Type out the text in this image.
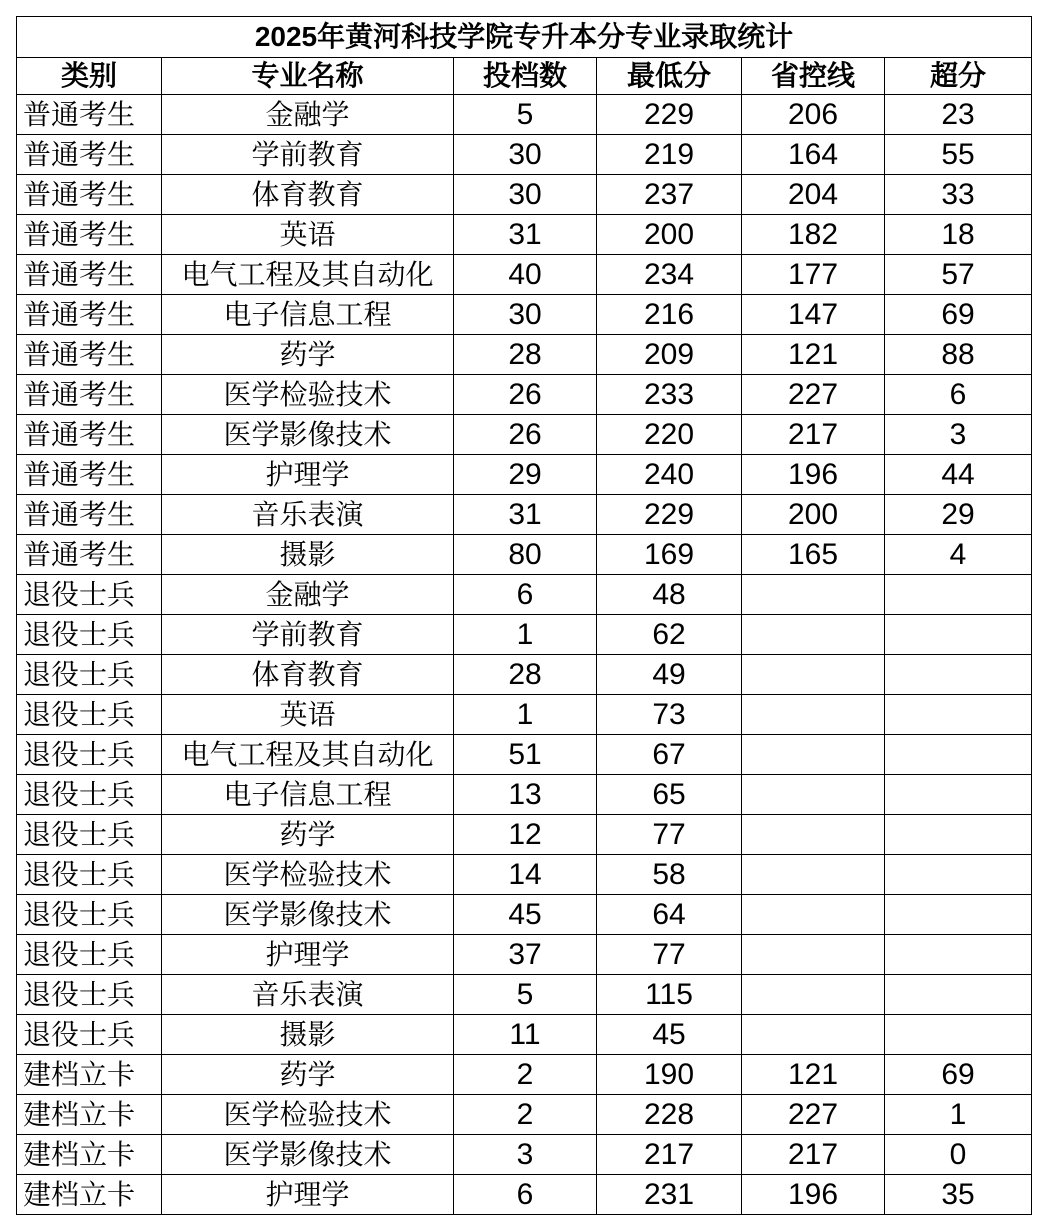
2025年黄河科技学院专升本分专业录取统计					
类别	专业名称	投档数	最低分	省控线	超分
普通考生	金融学	5	229	206	23
普通考生	学前教育	30	219	164	55
普通考生	体育教育	30	237	204	33
普通考生	英语	31	200	182	18
普通考生	电气工程及其自动化	40	234	177	57
普通考生	电子信息工程	30	216	147	69
普通考生	药学	28	209	121	88
普通考生	医学检验技术	26	233	227	6
普通考生	医学影像技术	26	220	217	3
普通考生	护理学	29	240	196	44
普通考生	音乐表演	31	229	200	29
普通考生	摄影	80	169	165	4
退役士兵	金融学	6	48		
退役士兵	学前教育	1	62		
退役士兵	体育教育	28	49		
退役士兵	英语	1	73		
退役士兵	电气工程及其自动化	51	67		
退役士兵	电子信息工程	13	65		
退役士兵	药学	12	77		
退役士兵	医学检验技术	14	58		
退役士兵	医学影像技术	45	64		
退役士兵	护理学	37	77		
退役士兵	音乐表演	5	115		
退役士兵	摄影	11	45		
建档立卡	药学	2	190	121	69
建档立卡	医学检验技术	2	228	227	1
建档立卡	医学影像技术	3	217	217	0
建档立卡	护理学	6	231	196	35
